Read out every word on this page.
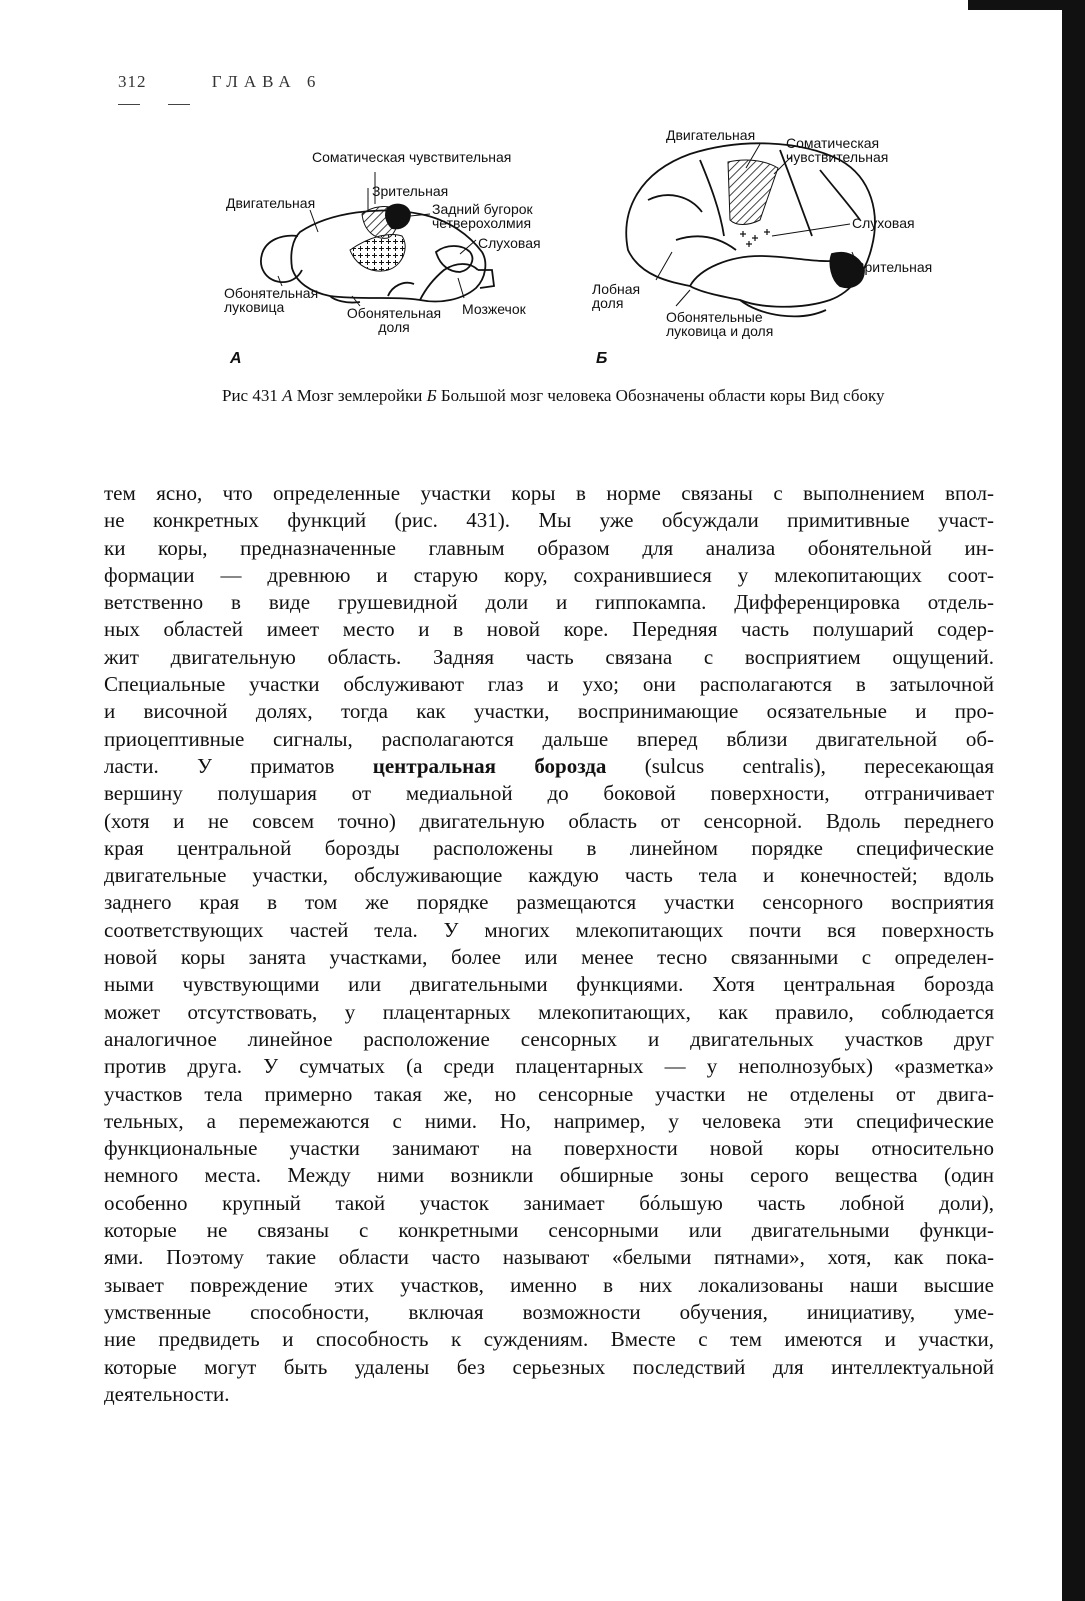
312	ГЛАВА 6
Соматическая чувствительная
Двигательная
Зрительная
Задний бугорок четверохолмия
Слуховая
Обонятельная луковица	Обонятельная доля
Мозжечок
А
Двигательная Соматическая чувствительная
Слуховая
Зрительная
Лобная доля
Обонятельные луковица и доля
Б
Рис 431 А Мозг землеройки Б Большой мозг человека Обозначены области коры Вид сбоку

тем ясно, что определенные участки коры в норме связаны с выполнением впол-

не конкретных функций (рис. 431). Мы уже обсуждали примитивные участ-

ки коры, предназначенные главным образом для анализа обонятельной ин-

формации — древнюю и старую кору, сохранившиеся у млекопитающих соот-

ветственно в виде грушевидной доли и гиппокампа. Дифференцировка отдель-

ных областей имеет место и в новой коре. Передняя часть полушарий содер-

жит двигательную область. Задняя часть связана с восприятием ощущений.

Специальные участки обслуживают глаз и ухо; они располагаются в затылочной

и височной долях, тогда как участки, воспринимающие осязательные и про-

приоцептивные сигналы, располагаются дальше вперед вблизи двигательной об-

ласти. У приматов центральная борозда (sulcus centralis), пересекающая

вершину полушария от медиальной до боковой поверхности, отграничивает

(хотя и не совсем точно) двигательную область от сенсорной. Вдоль переднего

края центральной борозды расположены в линейном порядке специфические

двигательные участки, обслуживающие каждую часть тела и конечностей; вдоль

заднего края в том же порядке размещаются участки сенсорного восприятия

соответствующих частей тела. У многих млекопитающих почти вся поверхность

новой коры занята участками, более или менее тесно связанными с определен-

ными чувствующими или двигательными функциями. Хотя центральная борозда

может отсутствовать, у плацентарных млекопитающих, как правило, соблюдается

аналогичное линейное расположение сенсорных и двигательных участков друг

против друга. У сумчатых (а среди плацентарных — у неполнозубых) «разметка»

участков тела примерно такая же, но сенсорные участки не отделены от двига-

тельных, а перемежаются с ними. Но, например, у человека эти специфические

функциональные участки занимают на поверхности новой коры относительно

немного места. Между ними возникли обширные зоны серого вещества (один

особенно крупный такой участок занимает бóльшую часть лобной доли),

которые не связаны с конкретными сенсорными или двигательными функци-

ями. Поэтому такие области часто называют «белыми пятнами», хотя, как пока-

зывает повреждение этих участков, именно в них локализованы наши высшие

умственные способности, включая возможности обучения, инициативу, уме-

ние предвидеть и способность к суждениям. Вместе с тем имеются и участки,

которые могут быть удалены без серьезных последствий для интеллектуальной

деятельности.
